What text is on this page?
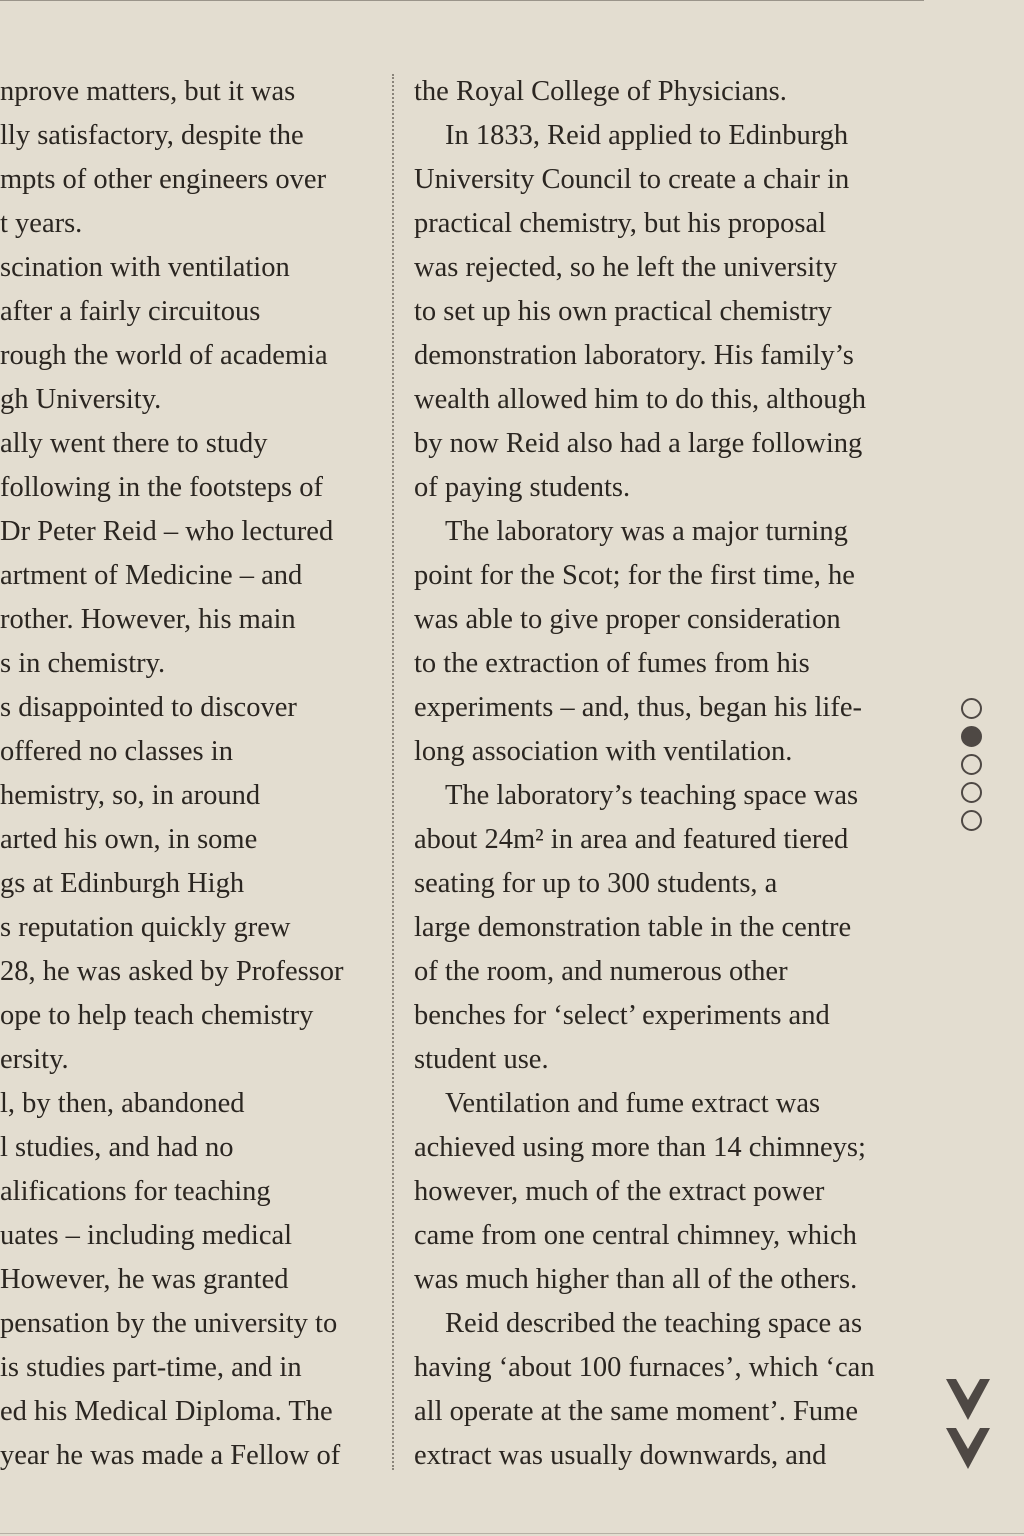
nprove matters, but it was
lly satisfactory, despite the
mpts of other engineers over
t years.
scination with ventilation
after a fairly circuitous
rough the world of academia
gh University.
ally went there to study
following in the footsteps of
Dr Peter Reid – who lectured
artment of Medicine – and
rother. However, his main
s in chemistry.
s disappointed to discover
offered no classes in
hemistry, so, in around
arted his own, in some
gs at Edinburgh High
s reputation quickly grew
28, he was asked by Professor
ope to help teach chemistry
ersity.
l, by then, abandoned
l studies, and had no
alifications for teaching
uates – including medical
However, he was granted
pensation by the university to
is studies part-time, and in
ed his Medical Diploma. The
year he was made a Fellow of
the Royal College of Physicians.
In 1833, Reid applied to Edinburgh
University Council to create a chair in
practical chemistry, but his proposal
was rejected, so he left the university
to set up his own practical chemistry
demonstration laboratory. His family’s
wealth allowed him to do this, although
by now Reid also had a large following
of paying students.
The laboratory was a major turning
point for the Scot; for the first time, he
was able to give proper consideration
to the extraction of fumes from his
experiments – and, thus, began his life-
long association with ventilation.
The laboratory’s teaching space was
about 24m² in area and featured tiered
seating for up to 300 students, a
large demonstration table in the centre
of the room, and numerous other
benches for ‘select’ experiments and
student use.
Ventilation and fume extract was
achieved using more than 14 chimneys;
however, much of the extract power
came from one central chimney, which
was much higher than all of the others.
Reid described the teaching space as
having ‘about 100 furnaces’, which ‘can
all operate at the same moment’. Fume
extract was usually downwards, and
